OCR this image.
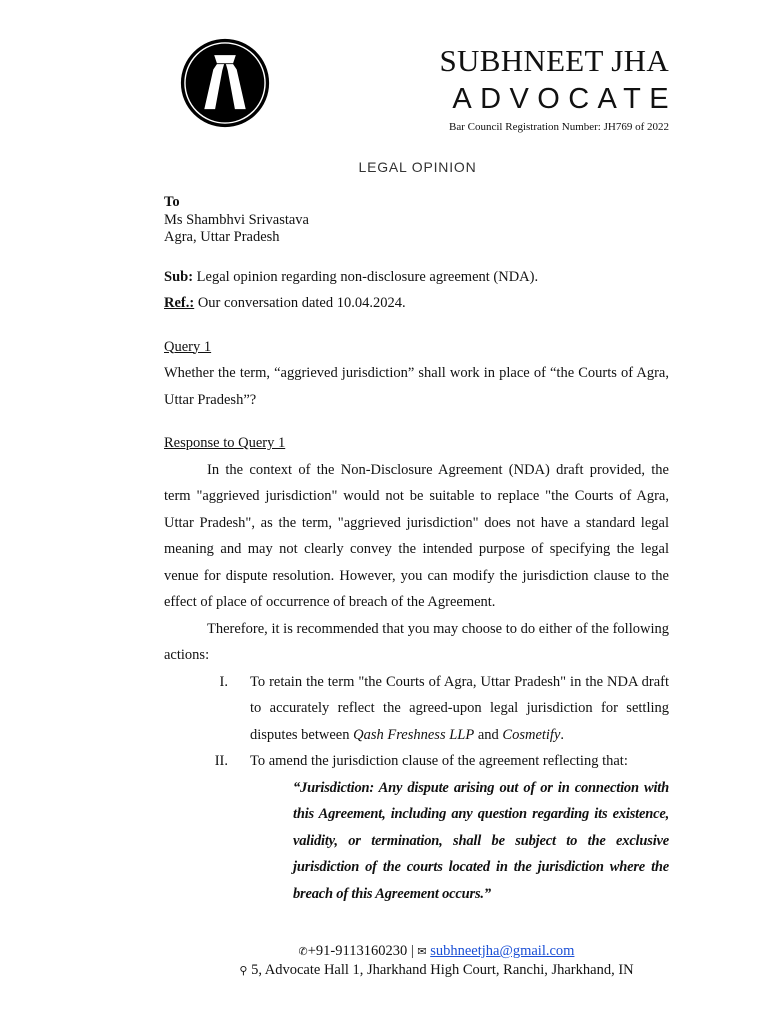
SUBHNEET JHA
ADVOCATE
Bar Council Registration Number: JH769 of 2022
LEGAL OPINION
To
Ms Shambhvi Srivastava
Agra, Uttar Pradesh
Sub: Legal opinion regarding non-disclosure agreement (NDA).
Ref.: Our conversation dated 10.04.2024.
Query 1
Whether the term, “aggrieved jurisdiction” shall work in place of “the Courts of Agra, Uttar Pradesh”?
Response to Query 1
In the context of the Non-Disclosure Agreement (NDA) draft provided, the term "aggrieved jurisdiction" would not be suitable to replace "the Courts of Agra, Uttar Pradesh", as the term, "aggrieved jurisdiction" does not have a standard legal meaning and may not clearly convey the intended purpose of specifying the legal venue for dispute resolution. However, you can modify the jurisdiction clause to the effect of place of occurrence of breach of the Agreement.
Therefore, it is recommended that you may choose to do either of the following actions:
I. To retain the term "the Courts of Agra, Uttar Pradesh" in the NDA draft to accurately reflect the agreed-upon legal jurisdiction for settling disputes between Qash Freshness LLP and Cosmetify.
II. To amend the jurisdiction clause of the agreement reflecting that:
“Jurisdiction: Any dispute arising out of or in connection with this Agreement, including any question regarding its existence, validity, or termination, shall be subject to the exclusive jurisdiction of the courts located in the jurisdiction where the breach of this Agreement occurs.”
✆+91-9113160230 | ✉ subhneetjha@gmail.com
⚲ 5, Advocate Hall 1, Jharkhand High Court, Ranchi, Jharkhand, IN
